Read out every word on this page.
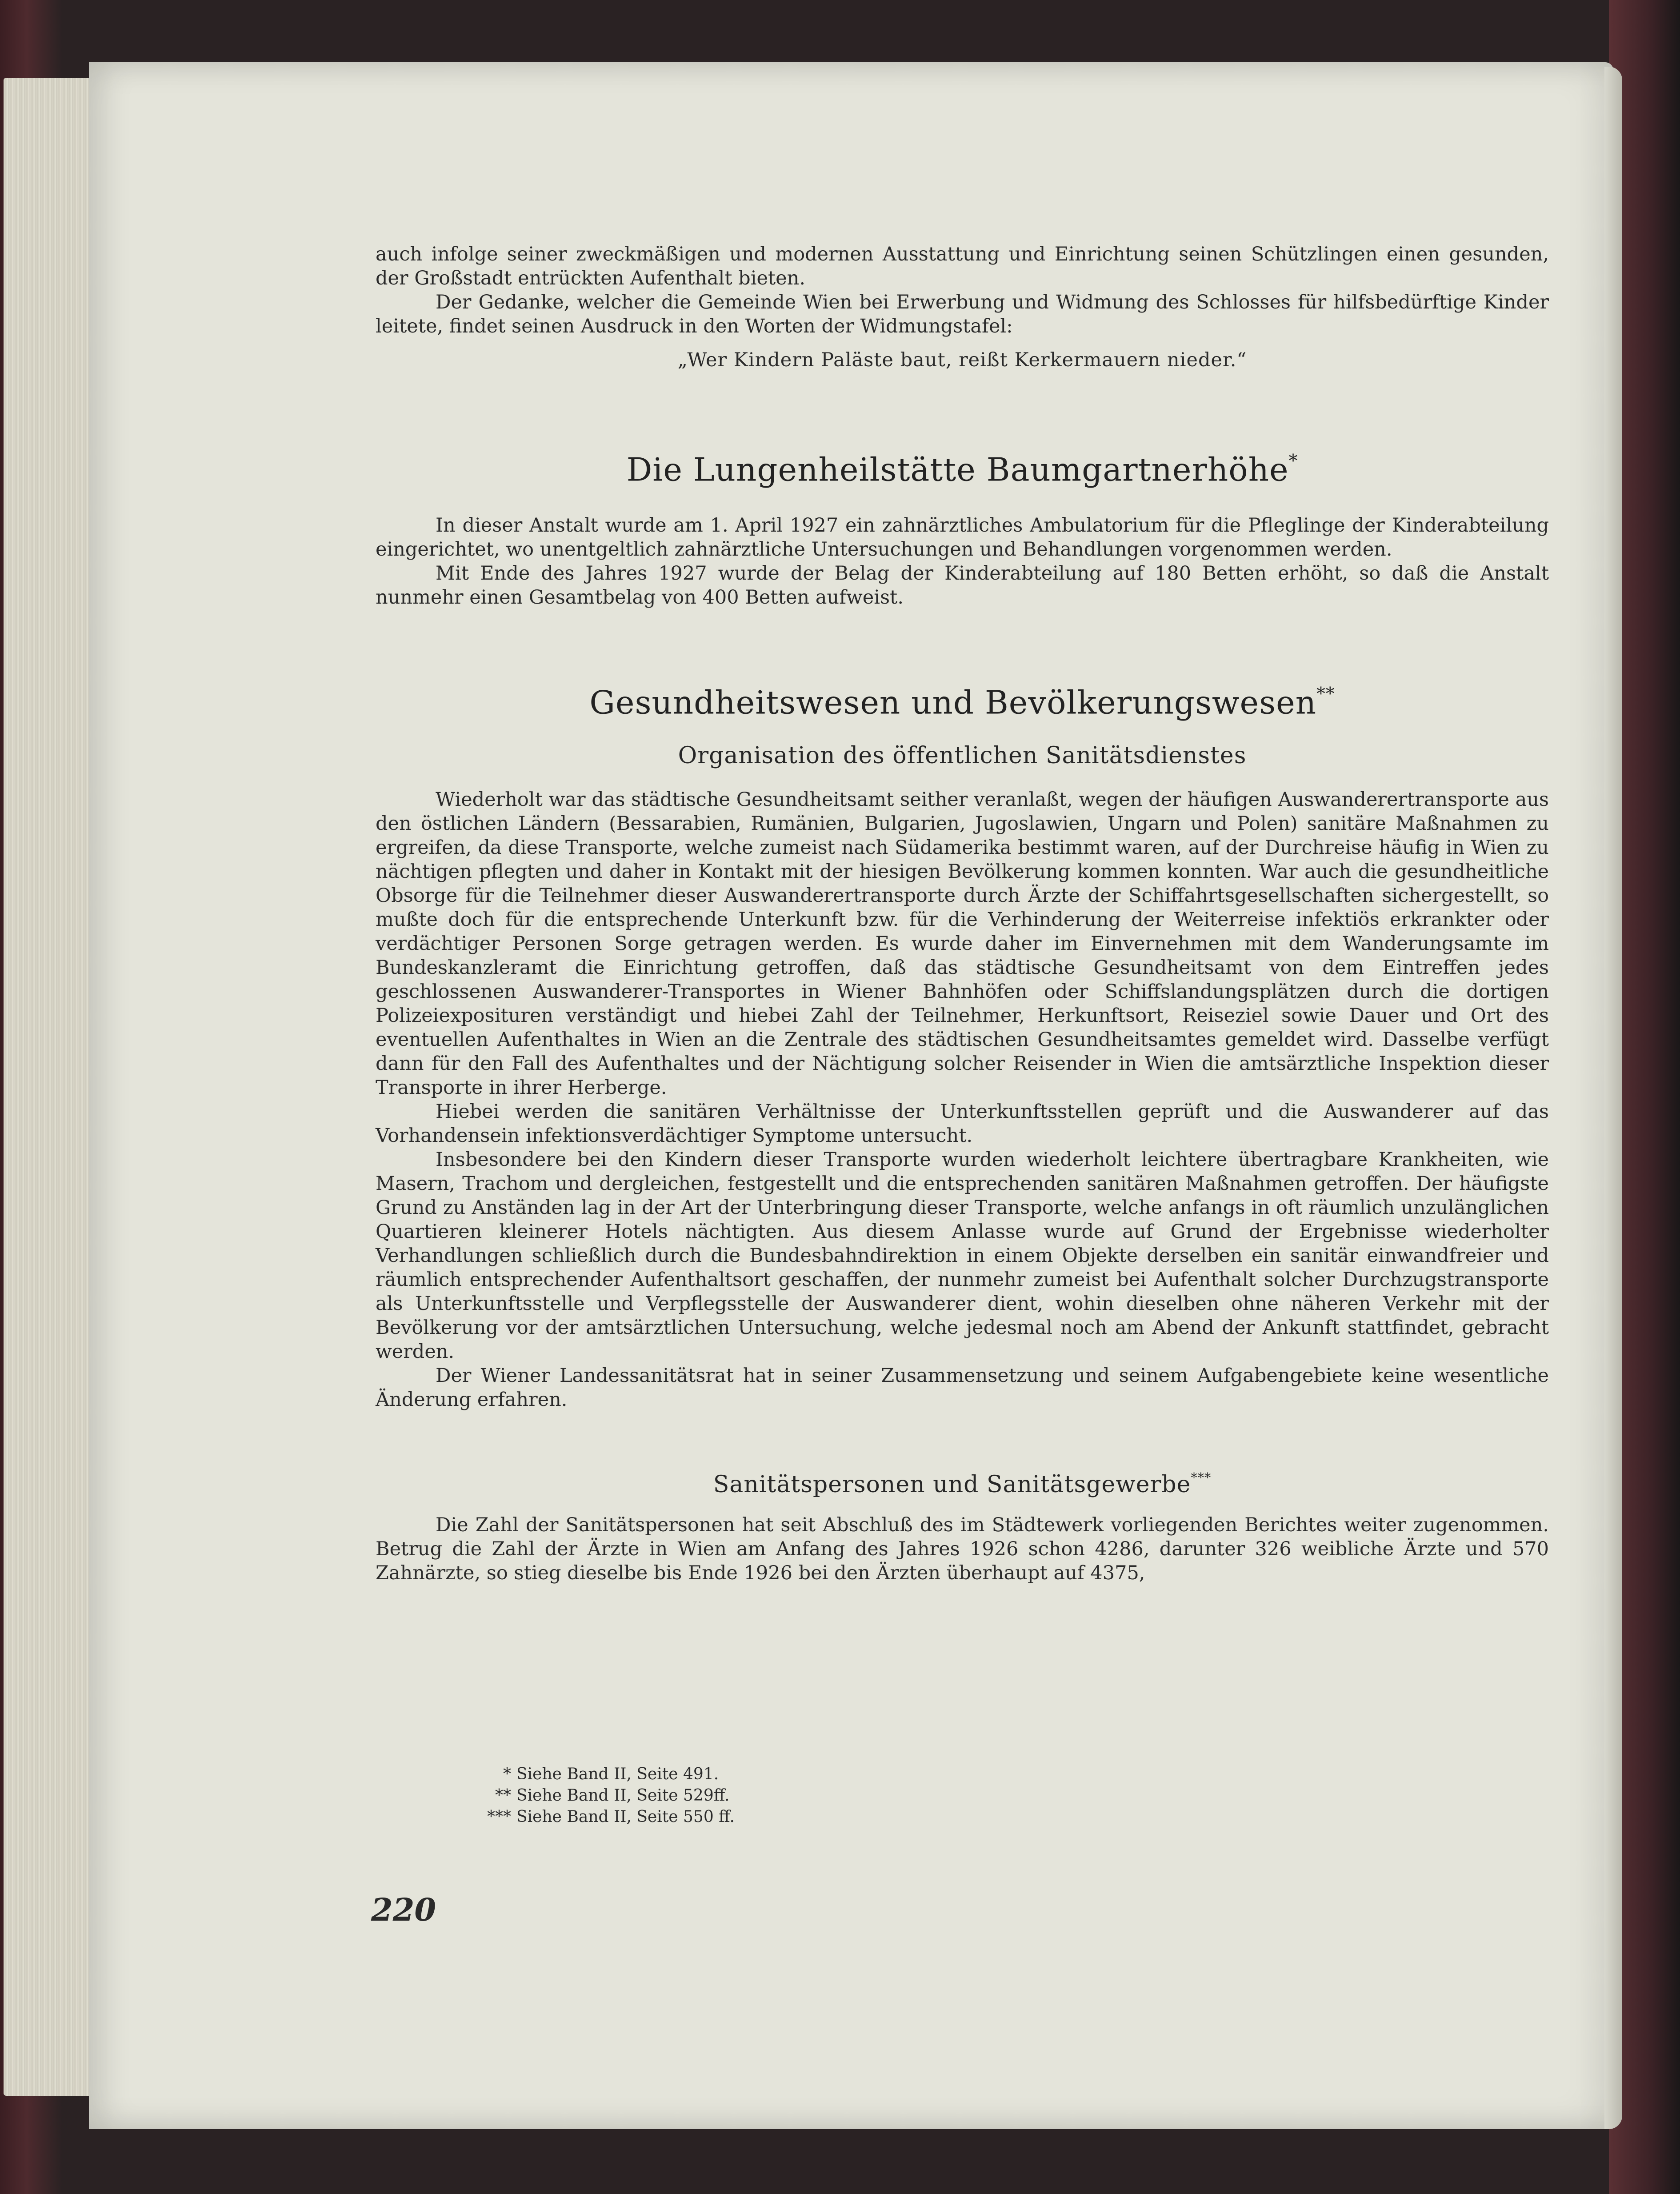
auch infolge seiner zweckmäßigen und modernen Ausstattung und Einrichtung seinen Schützlingen einen gesunden, der Großstadt entrückten Aufenthalt bieten.

Der Gedanke, welcher die Gemeinde Wien bei Erwerbung und Widmung des Schlosses für hilfsbedürftige Kinder leitete, findet seinen Ausdruck in den Worten der Widmungstafel:

„Wer Kindern Paläste baut, reißt Kerkermauern nieder.“

Die Lungenheilstätte Baumgartnerhöhe*

In dieser Anstalt wurde am 1. April 1927 ein zahnärztliches Ambulatorium für die Pfleglinge der Kinderabteilung eingerichtet, wo unentgeltlich zahnärztliche Untersuchungen und Behandlungen vorgenommen werden.

Mit Ende des Jahres 1927 wurde der Belag der Kinderabteilung auf 180 Betten erhöht, so daß die Anstalt nunmehr einen Gesamtbelag von 400 Betten aufweist.

Gesundheitswesen und Bevölkerungswesen**
Organisation des öffentlichen Sanitätsdienstes

Wiederholt war das städtische Gesundheitsamt seither veranlaßt, wegen der häufigen Auswanderertransporte aus den östlichen Ländern (Bessarabien, Rumänien, Bulgarien, Jugoslawien, Ungarn und Polen) sanitäre Maßnahmen zu ergreifen, da diese Transporte, welche zumeist nach Südamerika bestimmt waren, auf der Durchreise häufig in Wien zu nächtigen pflegten und daher in Kontakt mit der hiesigen Bevölkerung kommen konnten. War auch die gesundheitliche Obsorge für die Teilnehmer dieser Auswanderertransporte durch Ärzte der Schiffahrtsgesellschaften sichergestellt, so mußte doch für die entsprechende Unterkunft bzw. für die Verhinderung der Weiterreise infektiös erkrankter oder verdächtiger Personen Sorge getragen werden. Es wurde daher im Einvernehmen mit dem Wanderungsamte im Bundeskanzleramt die Einrichtung getroffen, daß das städtische Gesundheitsamt von dem Eintreffen jedes geschlossenen Auswanderer-Transportes in Wiener Bahnhöfen oder Schiffslandungsplätzen durch die dortigen Polizeiexposituren verständigt und hiebei Zahl der Teilnehmer, Herkunftsort, Reiseziel sowie Dauer und Ort des eventuellen Aufenthaltes in Wien an die Zentrale des städtischen Gesundheitsamtes gemeldet wird. Dasselbe verfügt dann für den Fall des Aufenthaltes und der Nächtigung solcher Reisender in Wien die amtsärztliche Inspektion dieser Transporte in ihrer Herberge.

Hiebei werden die sanitären Verhältnisse der Unterkunftsstellen geprüft und die Auswanderer auf das Vorhandensein infektionsverdächtiger Symptome untersucht.

Insbesondere bei den Kindern dieser Transporte wurden wiederholt leichtere übertragbare Krankheiten, wie Masern, Trachom und dergleichen, festgestellt und die entsprechenden sanitären Maßnahmen getroffen. Der häufigste Grund zu Anständen lag in der Art der Unterbringung dieser Transporte, welche anfangs in oft räumlich unzulänglichen Quartieren kleinerer Hotels nächtigten. Aus diesem Anlasse wurde auf Grund der Ergebnisse wiederholter Verhandlungen schließlich durch die Bundesbahndirektion in einem Objekte derselben ein sanitär einwandfreier und räumlich entsprechender Aufenthaltsort geschaffen, der nunmehr zumeist bei Aufenthalt solcher Durchzugstransporte als Unterkunftsstelle und Verpflegsstelle der Auswanderer dient, wohin dieselben ohne näheren Verkehr mit der Bevölkerung vor der amtsärztlichen Untersuchung, welche jedesmal noch am Abend der Ankunft stattfindet, gebracht werden.

Der Wiener Landessanitätsrat hat in seiner Zusammensetzung und seinem Aufgabengebiete keine wesentliche Änderung erfahren.

Sanitätspersonen und Sanitätsgewerbe***

Die Zahl der Sanitätspersonen hat seit Abschluß des im Städtewerk vorliegenden Berichtes weiter zugenommen. Betrug die Zahl der Ärzte in Wien am Anfang des Jahres 1926 schon 4286, darunter 326 weibliche Ärzte und 570 Zahnärzte, so stieg dieselbe bis Ende 1926 bei den Ärzten überhaupt auf 4375,

* Siehe Band II, Seite 491.
** Siehe Band II, Seite 529ff.
*** Siehe Band II, Seite 550 ff.
220
